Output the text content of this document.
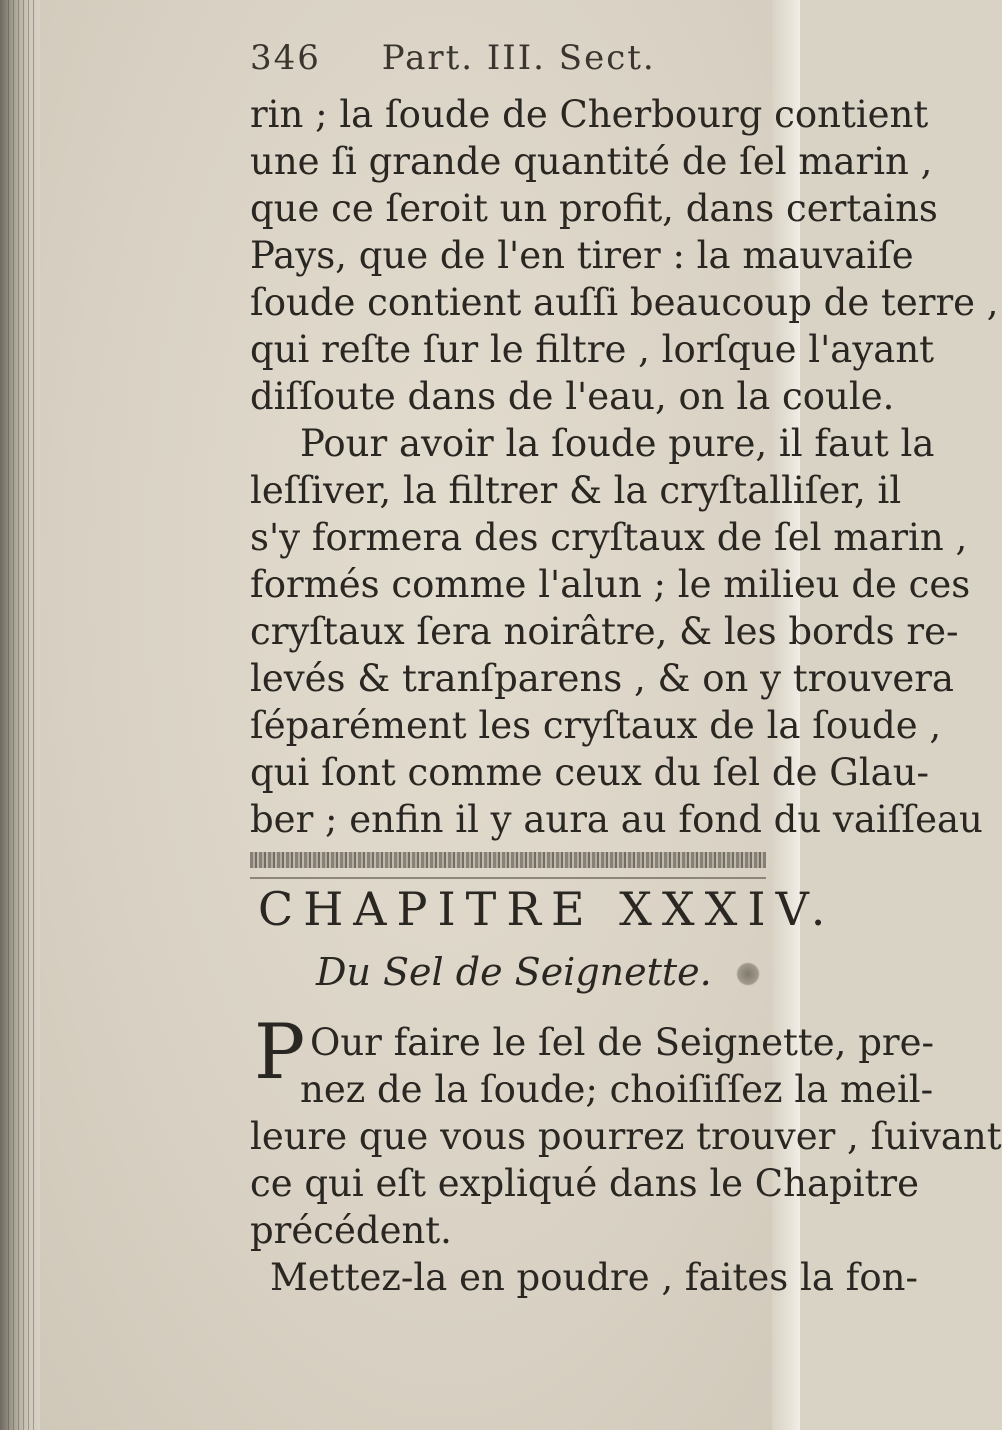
346 Part. III. Sect.
rin ; la ſoude de Cherbourg contient
une ſi grande quantité de ſel marin ,
que ce ſeroit un profit, dans certains
Pays, que de l'en tirer : la mauvaiſe
ſoude contient auſſi beaucoup de terre ,
qui reſte ſur le filtre , lorſque l'ayant
diſſoute dans de l'eau, on la coule.
Pour avoir la ſoude pure, il faut la
leſſiver, la filtrer & la cryſtalliſer, il
s'y formera des cryſtaux de ſel marin ,
formés comme l'alun ; le milieu de ces
cryſtaux ſera noirâtre, & les bords re-
levés & tranſparens , & on y trouvera
ſéparément les cryſtaux de la ſoude ,
qui ſont comme ceux du ſel de Glau-
ber ; enfin il y aura au fond du vaiſſeau
CHAPITRE XXXIV.
Du Sel de Seignette.
P Our faire le ſel de Seignette, pre-
nez de la ſoude; choiſiſſez la meil-
leure que vous pourrez trouver , ſuivant
ce qui eſt expliqué dans le Chapitre
précédent.
Mettez-la en poudre , faites la fon-
